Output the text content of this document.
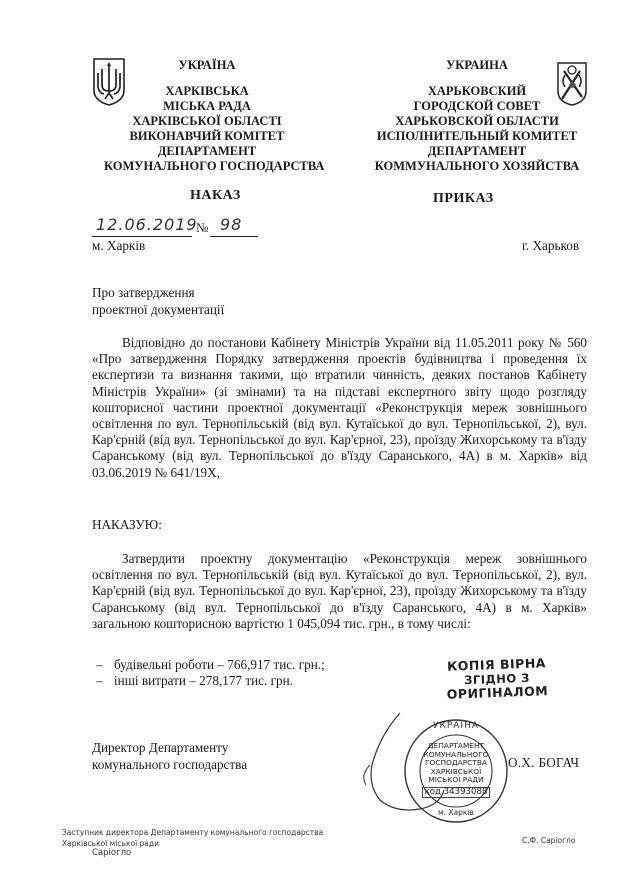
УКРАЇНА
ХАРКІВСЬКА
МІСЬКА РАДА
ХАРКІВСЬКОЇ ОБЛАСТІ
ВИКОНАВЧИЙ КОМІТЕТ
ДЕПАРТАМЕНТ
КОМУНАЛЬНОГО ГОСПОДАРСТВА
УКРАИНА
ХАРЬКОВСКИЙ
ГОРОДСКОЙ СОВЕТ
ХАРЬКОВСКОЙ ОБЛАСТИ
ИСПОЛНИТЕЛЬНЫЙ КОМИТЕТ
ДЕПАРТАМЕНТ
КОММУНАЛЬНОГО ХОЗЯЙСТВА
НАКАЗ	ПРИКАЗ
12.06.2019
№ 98
м. Харків	г. Харьков
Про затвердження
проектної документації
Відповідно до постанови Кабінету Міністрів України від 11.05.2011 року № 560 «Про затвердження Порядку затвердження проектів будівництва і проведення їх експертизи та визнання такими, що втратили чинність, деяких постанов Кабінету Міністрів України» (зі змінами) та на підставі експертного звіту щодо розгляду кошторисної частини проектної документації «Реконструкція мереж зовнішнього освітлення по вул. Тернопільській (від вул. Кутаїської до вул. Тернопільської, 2), вул. Кар'єрній (від вул. Тернопільської до вул. Кар'єрної, 23), проїзду Жихорському та в'їзду Саранському (від вул. Тернопільської до в'їзду Саранського, 4А) в м. Харків» від 03.06.2019 № 641/19Х,
НАКАЗУЮ:
Затвердити проектну документацію «Реконструкція мереж зовнішнього освітлення по вул. Тернопільській (від вул. Кутаїської до вул. Тернопільської, 2), вул. Кар'єрній (від вул. Тернопільської до вул. Кар'єрної, 23), проїзду Жихорському та в'їзду Саранському (від вул. Тернопільської до в'їзду Саранського, 4А) в м. Харків» загальною кошторисною вартістю 1 045,094 тис. грн., в тому числі:
– будівельні роботи – 766,917 тис. грн.;
– інші витрати – 278,177 тис. грн.
КОПІЯ ВІРНА
ЗГІДНО З
ОРИГІНАЛОМ
Директор Департаменту
комунального господарства
УКРАЇНА
ДЕПАРТАМЕНТ
КОМУНАЛЬНОГО
ГОСПОДАРСТВА
ХАРКІВСЬКОЇ
МІСЬКОЇ РАДИ
код 34393088
м. Харків
О.Х. БОГАЧ
Заступник директора Департаменту комунального господарства
Харківської міської ради
Саріогло
С.Ф. Саріогло
